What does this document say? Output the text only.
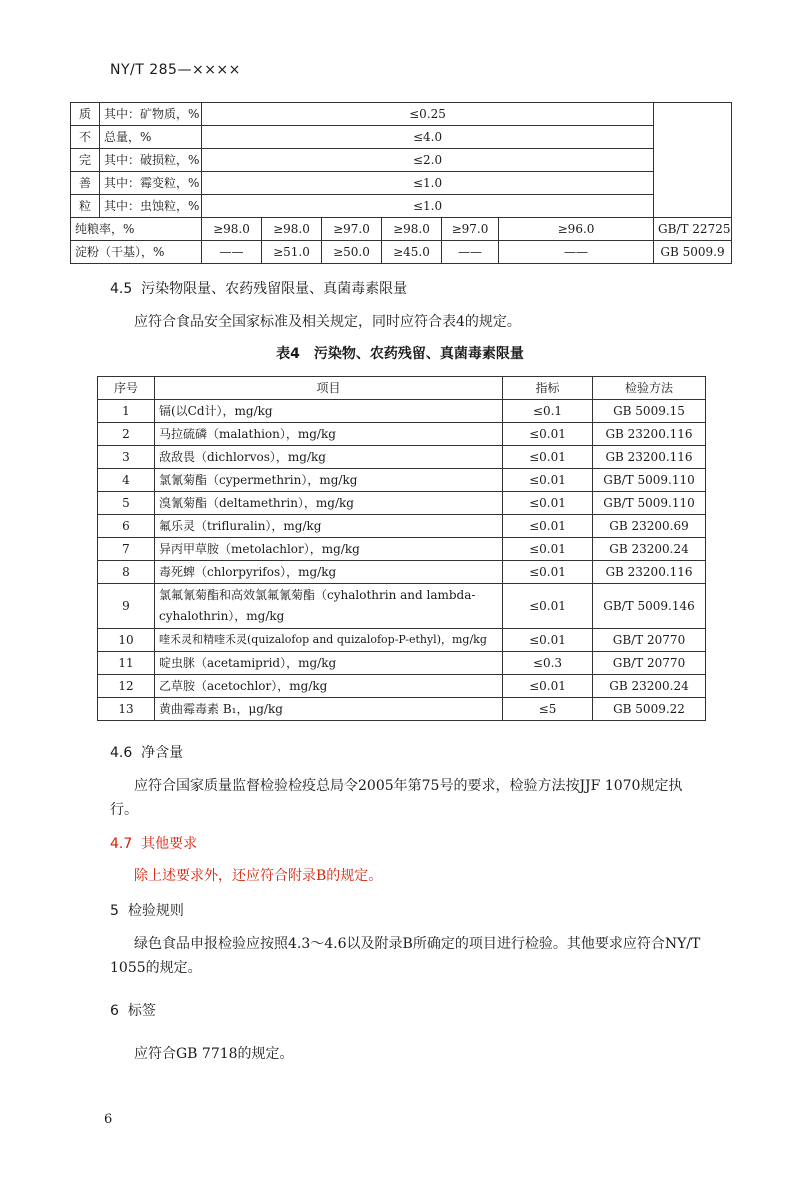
NY/T 285—××××
质	其中：矿物质，%	≤0.25						
不	总量，%	≤4.0						
完	其中：破损粒，%	≤2.0						
善	其中：霉变粒，%	≤1.0						
粒	其中：虫蚀粒，%	≤1.0						
纯粮率，%		≥98.0	≥98.0	≥97.0	≥98.0	≥97.0	≥96.0	GB/T 22725
淀粉（干基），%		——	≥51.0	≥50.0	≥45.0	——	——	GB 5009.9
4.5 污染物限量、农药残留限量、真菌毒素限量
应符合食品安全国家标准及相关规定，同时应符合表4的规定。
表4　污染物、农药残留、真菌毒素限量
序号	项目	指标	检验方法
1	镉(以Cd计），mg/kg	≤0.1	GB 5009.15
2	马拉硫磷（malathion），mg/kg	≤0.01	GB 23200.116
3	敌敌畏（dichlorvos），mg/kg	≤0.01	GB 23200.116
4	氯氰菊酯（cypermethrin），mg/kg	≤0.01	GB/T 5009.110
5	溴氰菊酯（deltamethrin），mg/kg	≤0.01	GB/T 5009.110
6	氟乐灵（trifluralin），mg/kg	≤0.01	GB 23200.69
7	异丙甲草胺（metolachlor），mg/kg	≤0.01	GB 23200.24
8	毒死蜱（chlorpyrifos），mg/kg	≤0.01	GB 23200.116
9	氯氟氰菊酯和高效氯氟氰菊酯（cyhalothrin and lambda-cyhalothrin），mg/kg	≤0.01	GB/T 5009.146
10	喹禾灵和精喹禾灵(quizalofop and quizalofop-P-ethyl)，mg/kg	≤0.01	GB/T 20770
11	啶虫脒（acetamiprid），mg/kg	≤0.3	GB/T 20770
12	乙草胺（acetochlor），mg/kg	≤0.01	GB 23200.24
13	黄曲霉毒素 B₁，μg/kg	≤5	GB 5009.22
4.6 净含量
应符合国家质量监督检验检疫总局令2005年第75号的要求，检验方法按JJF 1070规定执行。
4.7 其他要求
除上述要求外，还应符合附录B的规定。
5 检验规则
绿色食品申报检验应按照4.3～4.6以及附录B所确定的项目进行检验。其他要求应符合NY/T 1055的规定。
6 标签
应符合GB 7718的规定。
6
